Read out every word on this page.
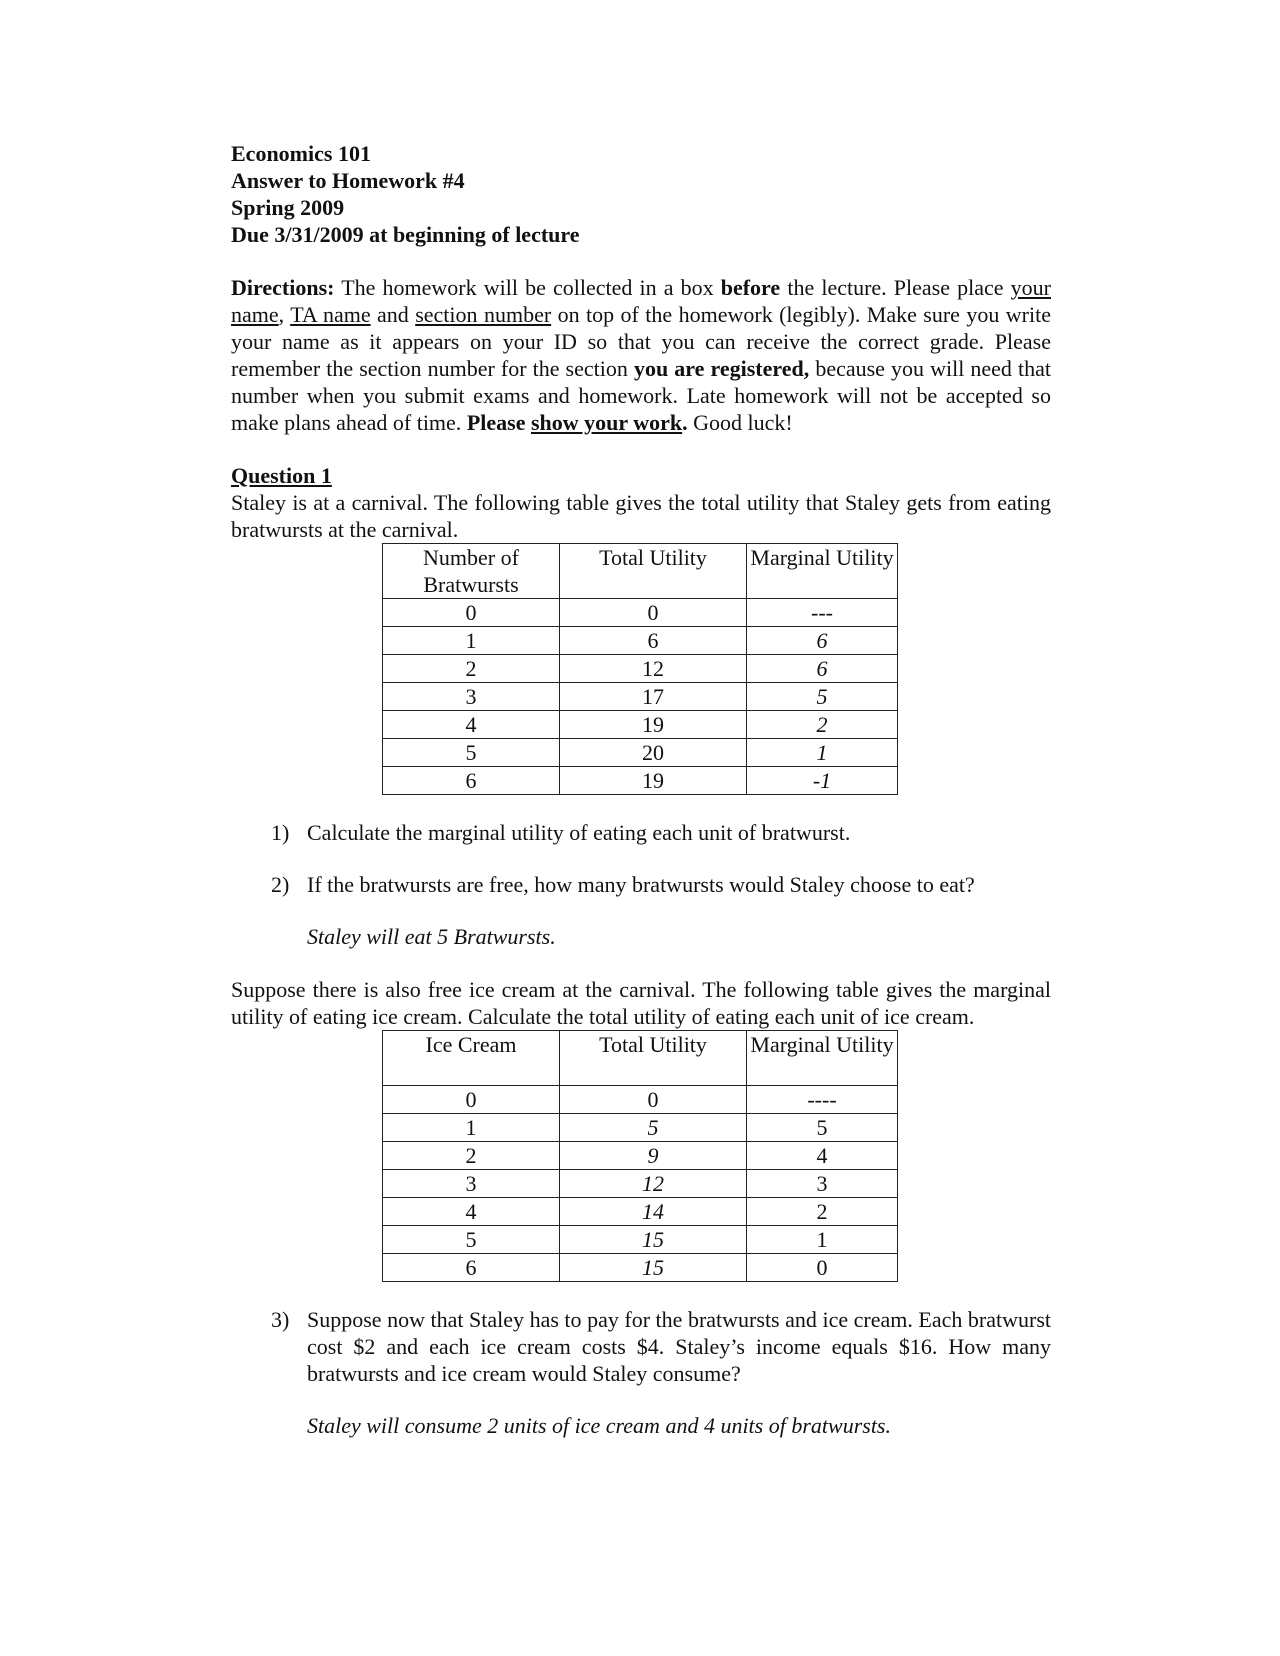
Economics 101
Answer to Homework #4
Spring 2009
Due 3/31/2009 at beginning of lecture

Directions: The homework will be collected in a box before the lecture. Please place your name, TA name and section number on top of the homework (legibly). Make sure you write your name as it appears on your ID so that you can receive the correct grade. Please remember the section number for the section you are registered, because you will need that number when you submit exams and homework. Late homework will not be accepted so make plans ahead of time. Please show your work. Good luck!

Question 1

Staley is at a carnival. The following table gives the total utility that Staley gets from eating bratwursts at the carnival.

Number of Bratwursts	Total Utility	Marginal Utility
0	0	---
1	6	6
2	12	6
3	17	5
4	19	2
5	20	1
6	19	-1
1) Calculate the marginal utility of eating each unit of bratwurst.
2) If the bratwursts are free, how many bratwursts would Staley choose to eat?
Staley will eat 5 Bratwursts.

Suppose there is also free ice cream at the carnival. The following table gives the marginal utility of eating ice cream. Calculate the total utility of eating each unit of ice cream.

Ice Cream	Total Utility	Marginal Utility
0	0	----
1	5	5
2	9	4
3	12	3
4	14	2
5	15	1
6	15	0
3) Suppose now that Staley has to pay for the bratwursts and ice cream. Each bratwurst cost $2 and each ice cream costs $4. Staley’s income equals $16. How many bratwursts and ice cream would Staley consume?
Staley will consume 2 units of ice cream and 4 units of bratwursts.
